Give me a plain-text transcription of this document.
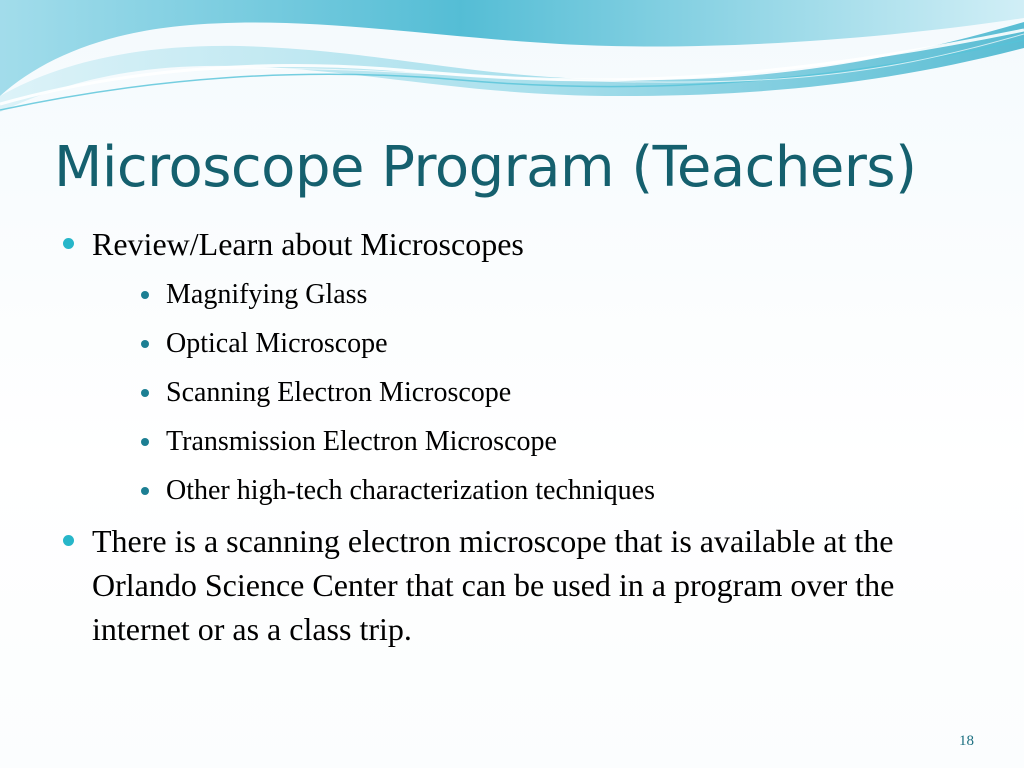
Microscope Program (Teachers)
Review/Learn about Microscopes
Magnifying Glass
Optical Microscope
Scanning Electron Microscope
Transmission Electron Microscope
Other high-tech characterization techniques
There is a scanning electron microscope that is available at the Orlando Science Center that can be used in a program over the internet or as a class trip.
18
